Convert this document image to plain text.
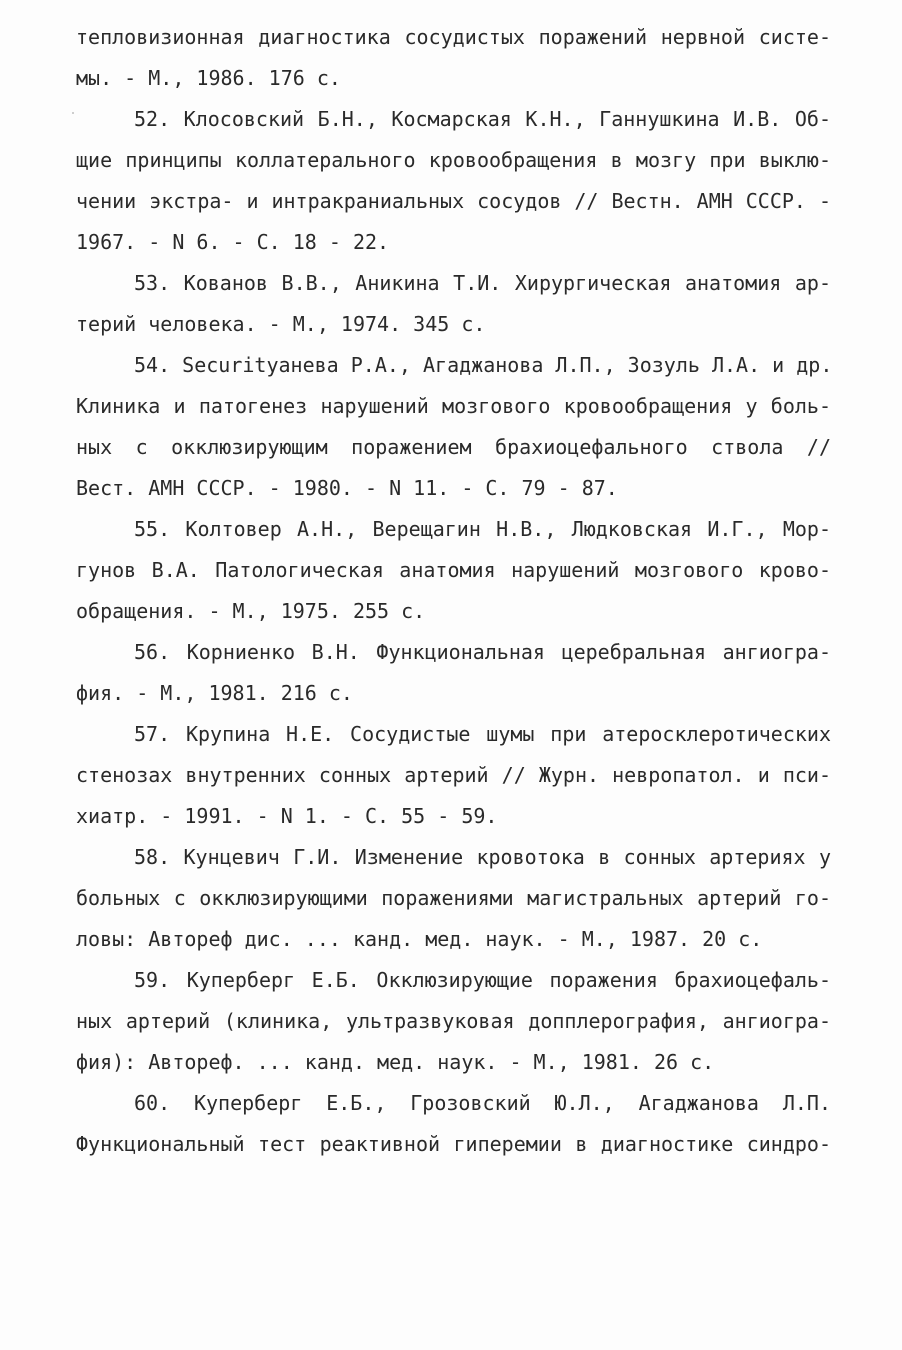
тепловизионная диагностика сосудистых поражений нервной систе-
мы. - М., 1986. 176 с.
52. Клосовский Б.Н., Космарская К.Н., Ганнушкина И.В. Об-
щие принципы коллатерального кровообращения в мозгу при выклю-
чении экстра- и интракраниальных сосудов // Вестн. АМН СССР. -
1967. - N 6. - С. 18 - 22.
53. Кованов В.В., Аникина Т.И. Хирургическая анатомия ар-
терий человека. - М., 1974. 345 с.
54. Securityанева Р.А., Агаджанова Л.П., Зозуль Л.А. и др.
Клиника и патогенез нарушений мозгового кровообращения у боль-
ных с окклюзирующим поражением брахиоцефального ствола //
Вест. АМН СССР. - 1980. - N 11. - С. 79 - 87.
55. Колтовер А.Н., Верещагин Н.В., Людковская И.Г., Мор-
гунов В.А. Патологическая анатомия нарушений мозгового крово-
обращения. - М., 1975. 255 с.
56. Корниенко В.Н. Функциональная церебральная ангиогра-
фия. - М., 1981. 216 с.
57. Крупина Н.Е. Сосудистые шумы при атеросклеротических
стенозах внутренних сонных артерий // Журн. невропатол. и пси-
хиатр. - 1991. - N 1. - С. 55 - 59.
58. Кунцевич Г.И. Изменение кровотока в сонных артериях у
больных с окклюзирующими поражениями магистральных артерий го-
ловы: Автореф дис. ... канд. мед. наук. - М., 1987. 20 с.
59. Куперберг Е.Б. Окклюзирующие поражения брахиоцефаль-
ных артерий (клиника, ультразвуковая допплерография, ангиогра-
фия): Автореф. ... канд. мед. наук. - М., 1981. 26 с.
60. Куперберг Е.Б., Грозовский Ю.Л., Агаджанова Л.П.
Функциональный тест реактивной гиперемии в диагностике синдро-
